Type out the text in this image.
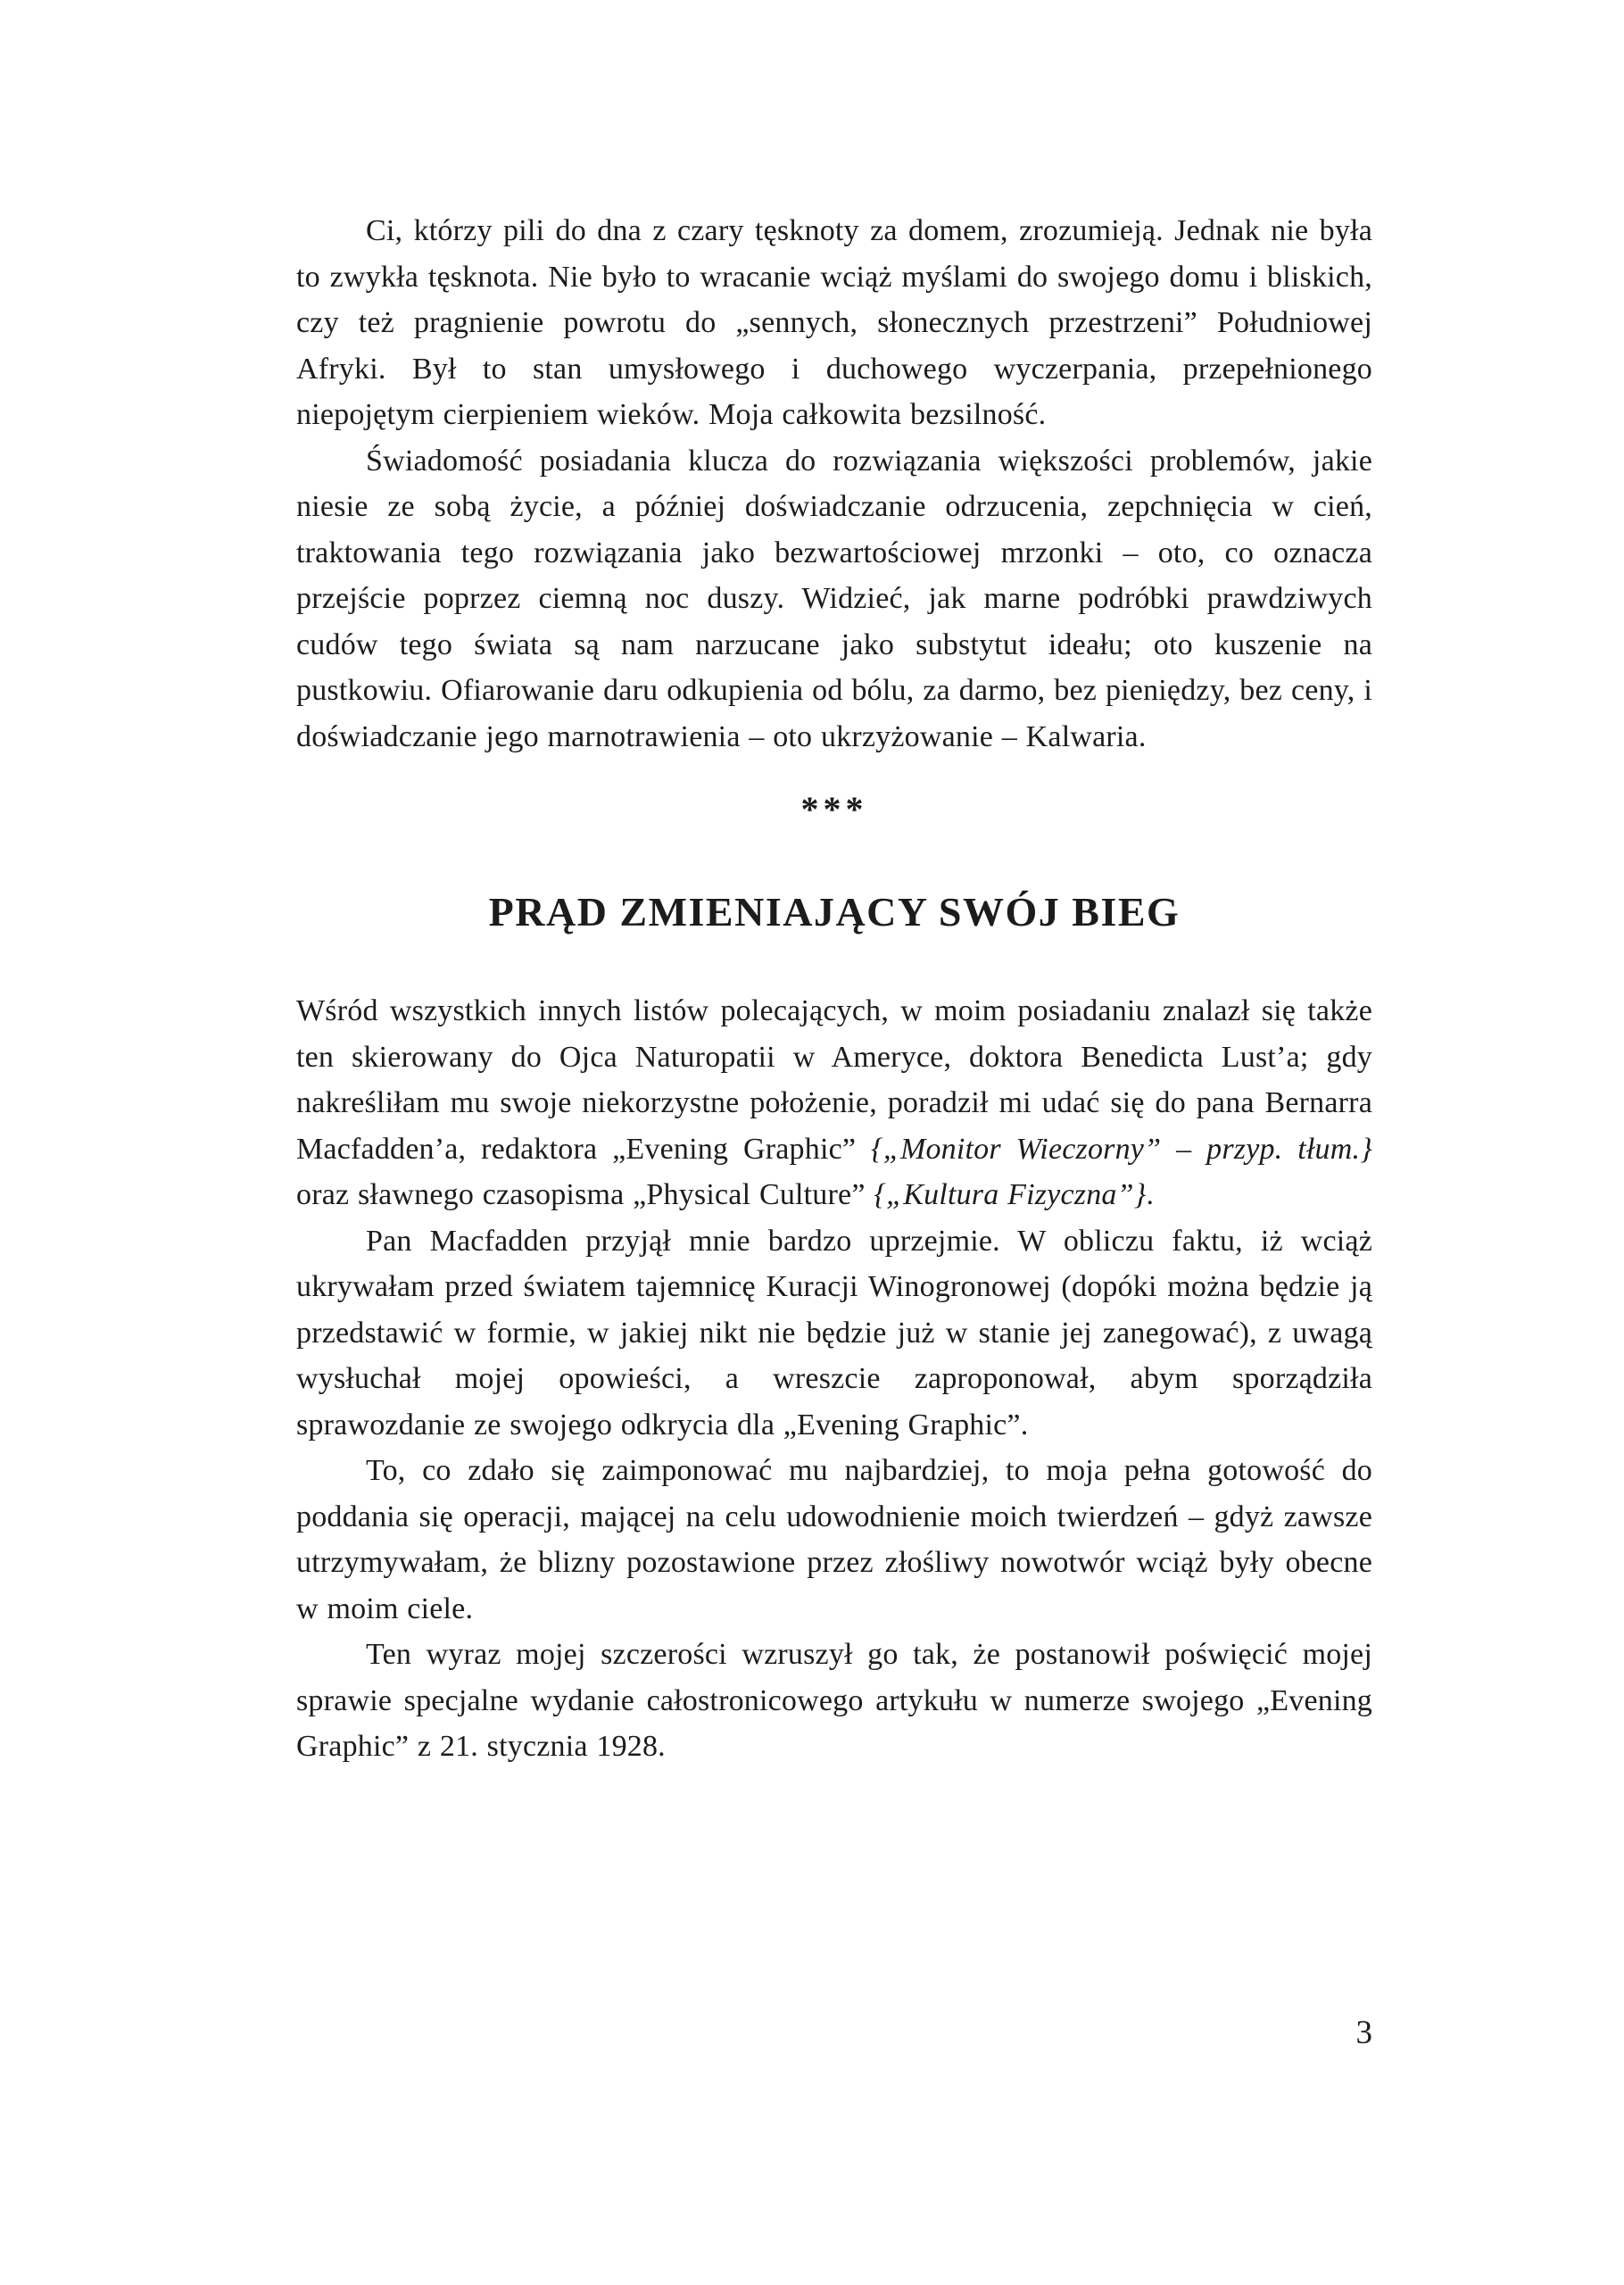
Ci, którzy pili do dna z czary tęsknoty za domem, zrozumieją. Jednak nie była to zwykła tęsknota. Nie było to wracanie wciąż myślami do swojego domu i bliskich, czy też pragnienie powrotu do „sennych, słonecznych przestrzeni” Południowej Afryki. Był to stan umysłowego i duchowego wyczerpania, przepełnionego niepojętym cierpieniem wieków. Moja całkowita bezsilność.

Świadomość posiadania klucza do rozwiązania większości problemów, jakie niesie ze sobą życie, a później doświadczanie odrzucenia, zepchnięcia w cień, traktowania tego rozwiązania jako bezwartościowej mrzonki – oto, co oznacza przejście poprzez ciemną noc duszy. Widzieć, jak marne podróbki prawdziwych cudów tego świata są nam narzucane jako substytut ideału; oto kuszenie na pustkowiu. Ofiarowanie daru odkupienia od bólu, za darmo, bez pieniędzy, bez ceny, i doświadczanie jego marnotrawienia – oto ukrzyżowanie – Kalwaria.

***
PRĄD ZMIENIAJĄCY SWÓJ BIEG

Wśród wszystkich innych listów polecających, w moim posiadaniu znalazł się także ten skierowany do Ojca Naturopatii w Ameryce, doktora Benedicta Lust’a; gdy nakreśliłam mu swoje niekorzystne położenie, poradził mi udać się do pana Bernarra Macfadden’a, redaktora „Evening Graphic” {„Monitor Wieczorny” – przyp. tłum.} oraz sławnego czasopisma „Physical Culture” {„Kultura Fizyczna”}.

Pan Macfadden przyjął mnie bardzo uprzejmie. W obliczu faktu, iż wciąż ukrywałam przed światem tajemnicę Kuracji Winogronowej (dopóki można będzie ją przedstawić w formie, w jakiej nikt nie będzie już w stanie jej zanegować), z uwagą wysłuchał mojej opowieści, a wreszcie zaproponował, abym sporządziła sprawozdanie ze swojego odkrycia dla „Evening Graphic”.

To, co zdało się zaimponować mu najbardziej, to moja pełna gotowość do poddania się operacji, mającej na celu udowodnienie moich twierdzeń – gdyż zawsze utrzymywałam, że blizny pozostawione przez złośliwy nowotwór wciąż były obecne w moim ciele.

Ten wyraz mojej szczerości wzruszył go tak, że postanowił poświęcić mojej sprawie specjalne wydanie całostronicowego artykułu w numerze swojego „Evening Graphic” z 21. stycznia 1928.

3
